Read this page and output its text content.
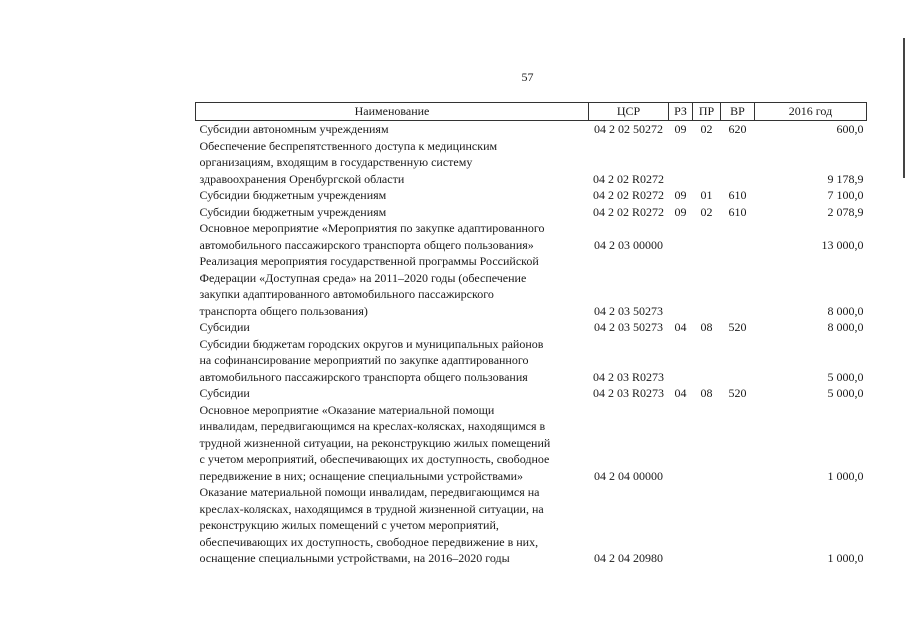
57
Наименование	ЦСР	РЗ	ПР	ВР	2016 год

Субсидии автономным учреждениям	04 2 02 50272	09	02	620	600,0

Обеспечение беспрепятственного доступа к медицинским
организациям, входящим в государственную систему
здравоохранения Оренбургской области	04 2 02 R0272				9 178,9

Субсидии бюджетным учреждениям	04 2 02 R0272	09	01	610	7 100,0

Субсидии бюджетным учреждениям	04 2 02 R0272	09	02	610	2 078,9

Основное мероприятие «Мероприятия по закупке адаптированного
автомобильного пассажирского транспорта общего пользования»	04 2 03 00000				13 000,0

Реализация мероприятия государственной программы Российской
Федерации «Доступная среда» на 2011–2020 годы (обеспечение
закупки адаптированного автомобильного пассажирского
транспорта общего пользования)	04 2 03 50273				8 000,0

Субсидии	04 2 03 50273	04	08	520	8 000,0

Субсидии бюджетам городских округов и муниципальных районов
на софинансирование мероприятий по закупке адаптированного
автомобильного пассажирского транспорта общего пользования	04 2 03 R0273				5 000,0

Субсидии	04 2 03 R0273	04	08	520	5 000,0

Основное мероприятие «Оказание материальной помощи
инвалидам, передвигающимся на креслах-колясках, находящимся в
трудной жизненной ситуации, на реконструкцию жилых помещений
с учетом мероприятий, обеспечивающих их доступность, свободное
передвижение в них; оснащение специальными устройствами»	04 2 04 00000				1 000,0

Оказание материальной помощи инвалидам, передвигающимся на
креслах-колясках, находящимся в трудной жизненной ситуации, на
реконструкцию жилых помещений с учетом мероприятий,
обеспечивающих их доступность, свободное передвижение в них,
оснащение специальными устройствами, на 2016–2020 годы	04 2 04 20980				1 000,0
